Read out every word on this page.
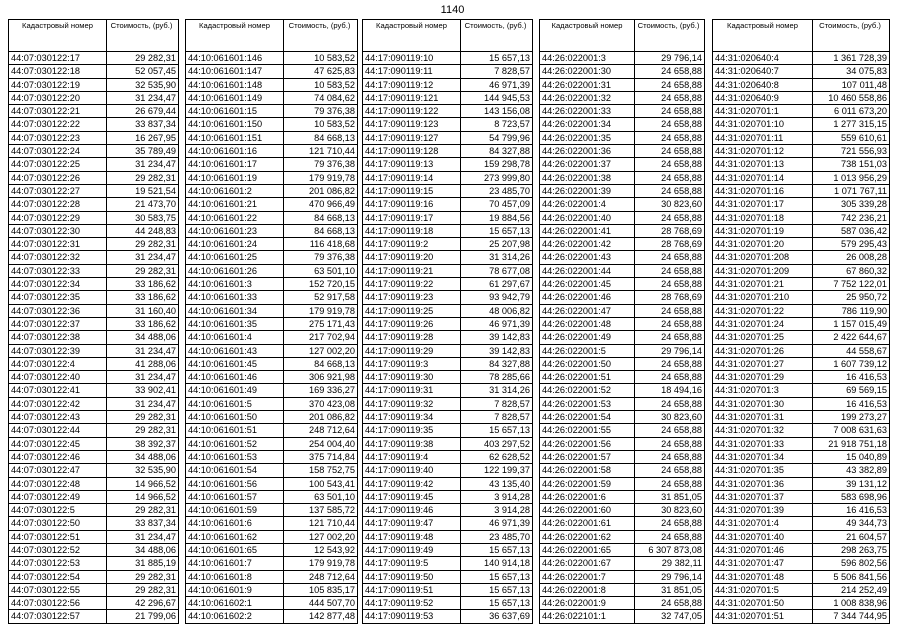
1140
Кадастровый номер	Стоимость, (руб.)
44:07:030122:17	29 282,31
44:07:030122:18	52 057,45
44:07:030122:19	32 535,90
44:07:030122:20	31 234,47
44:07:030122:21	26 679,44
44:07:030122:22	33 837,34
44:07:030122:23	16 267,95
44:07:030122:24	35 789,49
44:07:030122:25	31 234,47
44:07:030122:26	29 282,31
44:07:030122:27	19 521,54
44:07:030122:28	21 473,70
44:07:030122:29	30 583,75
44:07:030122:30	44 248,83
44:07:030122:31	29 282,31
44:07:030122:32	31 234,47
44:07:030122:33	29 282,31
44:07:030122:34	33 186,62
44:07:030122:35	33 186,62
44:07:030122:36	31 160,40
44:07:030122:37	33 186,62
44:07:030122:38	34 488,06
44:07:030122:39	31 234,47
44:07:030122:4	41 288,06
44:07:030122:40	31 234,47
44:07:030122:41	33 902,41
44:07:030122:42	31 234,47
44:07:030122:43	29 282,31
44:07:030122:44	29 282,31
44:07:030122:45	38 392,37
44:07:030122:46	34 488,06
44:07:030122:47	32 535,90
44:07:030122:48	14 966,52
44:07:030122:49	14 966,52
44:07:030122:5	29 282,31
44:07:030122:50	33 837,34
44:07:030122:51	31 234,47
44:07:030122:52	34 488,06
44:07:030122:53	31 885,19
44:07:030122:54	29 282,31
44:07:030122:55	29 282,31
44:07:030122:56	42 296,67
44:07:030122:57	21 799,06
Кадастровый номер	Стоимость, (руб.)
44:10:061601:146	10 583,52
44:10:061601:147	47 625,83
44:10:061601:148	10 583,52
44:10:061601:149	74 084,62
44:10:061601:15	79 376,38
44:10:061601:150	10 583,52
44:10:061601:151	84 668,13
44:10:061601:16	121 710,44
44:10:061601:17	79 376,38
44:10:061601:19	179 919,78
44:10:061601:2	201 086,82
44:10:061601:21	470 966,49
44:10:061601:22	84 668,13
44:10:061601:23	84 668,13
44:10:061601:24	116 418,68
44:10:061601:25	79 376,38
44:10:061601:26	63 501,10
44:10:061601:3	152 720,15
44:10:061601:33	52 917,58
44:10:061601:34	179 919,78
44:10:061601:35	275 171,43
44:10:061601:4	217 702,94
44:10:061601:43	127 002,20
44:10:061601:45	84 668,13
44:10:061601:46	306 921,98
44:10:061601:49	169 336,27
44:10:061601:5	370 423,08
44:10:061601:50	201 086,82
44:10:061601:51	248 712,64
44:10:061601:52	254 004,40
44:10:061601:53	375 714,84
44:10:061601:54	158 752,75
44:10:061601:56	100 543,41
44:10:061601:57	63 501,10
44:10:061601:59	137 585,72
44:10:061601:6	121 710,44
44:10:061601:62	127 002,20
44:10:061601:65	12 543,92
44:10:061601:7	179 919,78
44:10:061601:8	248 712,64
44:10:061601:9	105 835,17
44:10:061602:1	444 507,70
44:10:061602:2	142 877,48
Кадастровый номер	Стоимость, (руб.)
44:17:090119:10	15 657,13
44:17:090119:11	7 828,57
44:17:090119:12	46 971,39
44:17:090119:121	144 945,53
44:17:090119:122	143 156,08
44:17:090119:123	8 723,57
44:17:090119:127	54 799,96
44:17:090119:128	84 327,88
44:17:090119:13	159 298,78
44:17:090119:14	273 999,80
44:17:090119:15	23 485,70
44:17:090119:16	70 457,09
44:17:090119:17	19 884,56
44:17:090119:18	15 657,13
44:17:090119:2	25 207,98
44:17:090119:20	31 314,26
44:17:090119:21	78 677,08
44:17:090119:22	61 297,67
44:17:090119:23	93 942,79
44:17:090119:25	48 006,82
44:17:090119:26	46 971,39
44:17:090119:28	39 142,83
44:17:090119:29	39 142,83
44:17:090119:3	84 327,88
44:17:090119:30	78 285,66
44:17:090119:31	31 314,26
44:17:090119:32	7 828,57
44:17:090119:34	7 828,57
44:17:090119:35	15 657,13
44:17:090119:38	403 297,52
44:17:090119:4	62 628,52
44:17:090119:40	122 199,37
44:17:090119:42	43 135,40
44:17:090119:45	3 914,28
44:17:090119:46	3 914,28
44:17:090119:47	46 971,39
44:17:090119:48	23 485,70
44:17:090119:49	15 657,13
44:17:090119:5	140 914,18
44:17:090119:50	15 657,13
44:17:090119:51	15 657,13
44:17:090119:52	15 657,13
44:17:090119:53	36 637,69
Кадастровый номер	Стоимость, (руб.)
44:26:022001:3	29 796,14
44:26:022001:30	24 658,88
44:26:022001:31	24 658,88
44:26:022001:32	24 658,88
44:26:022001:33	24 658,88
44:26:022001:34	24 658,88
44:26:022001:35	24 658,88
44:26:022001:36	24 658,88
44:26:022001:37	24 658,88
44:26:022001:38	24 658,88
44:26:022001:39	24 658,88
44:26:022001:4	30 823,60
44:26:022001:40	24 658,88
44:26:022001:41	28 768,69
44:26:022001:42	28 768,69
44:26:022001:43	24 658,88
44:26:022001:44	24 658,88
44:26:022001:45	24 658,88
44:26:022001:46	28 768,69
44:26:022001:47	24 658,88
44:26:022001:48	24 658,88
44:26:022001:49	24 658,88
44:26:022001:5	29 796,14
44:26:022001:50	24 658,88
44:26:022001:51	24 658,88
44:26:022001:52	18 494,16
44:26:022001:53	24 658,88
44:26:022001:54	30 823,60
44:26:022001:55	24 658,88
44:26:022001:56	24 658,88
44:26:022001:57	24 658,88
44:26:022001:58	24 658,88
44:26:022001:59	24 658,88
44:26:022001:6	31 851,05
44:26:022001:60	30 823,60
44:26:022001:61	24 658,88
44:26:022001:62	24 658,88
44:26:022001:65	6 307 873,08
44:26:022001:67	29 382,11
44:26:022001:7	29 796,14
44:26:022001:8	31 851,05
44:26:022001:9	24 658,88
44:26:022101:1	32 747,05
Кадастровый номер	Стоимость, (руб.)
44:31:020640:4	1 361 728,39
44:31:020640:7	34 075,83
44:31:020640:8	107 011,48
44:31:020640:9	10 460 558,86
44:31:020701:1	6 011 673,20
44:31:020701:10	1 277 315,15
44:31:020701:11	559 610,61
44:31:020701:12	721 556,93
44:31:020701:13	738 151,03
44:31:020701:14	1 013 956,29
44:31:020701:16	1 071 767,11
44:31:020701:17	305 339,28
44:31:020701:18	742 236,21
44:31:020701:19	587 036,42
44:31:020701:20	579 295,43
44:31:020701:208	26 008,28
44:31:020701:209	67 860,32
44:31:020701:21	7 752 122,01
44:31:020701:210	25 950,72
44:31:020701:22	786 119,90
44:31:020701:24	1 157 015,49
44:31:020701:25	2 422 644,67
44:31:020701:26	44 558,67
44:31:020701:27	1 607 739,12
44:31:020701:29	16 416,53
44:31:020701:3	69 569,15
44:31:020701:30	16 416,53
44:31:020701:31	199 273,27
44:31:020701:32	7 008 631,63
44:31:020701:33	21 918 751,18
44:31:020701:34	15 040,89
44:31:020701:35	43 382,89
44:31:020701:36	39 131,12
44:31:020701:37	583 698,96
44:31:020701:39	16 416,53
44:31:020701:4	49 344,73
44:31:020701:40	21 604,57
44:31:020701:46	298 263,75
44:31:020701:47	596 802,56
44:31:020701:48	5 506 841,56
44:31:020701:5	214 252,49
44:31:020701:50	1 008 838,96
44:31:020701:51	7 344 744,95
